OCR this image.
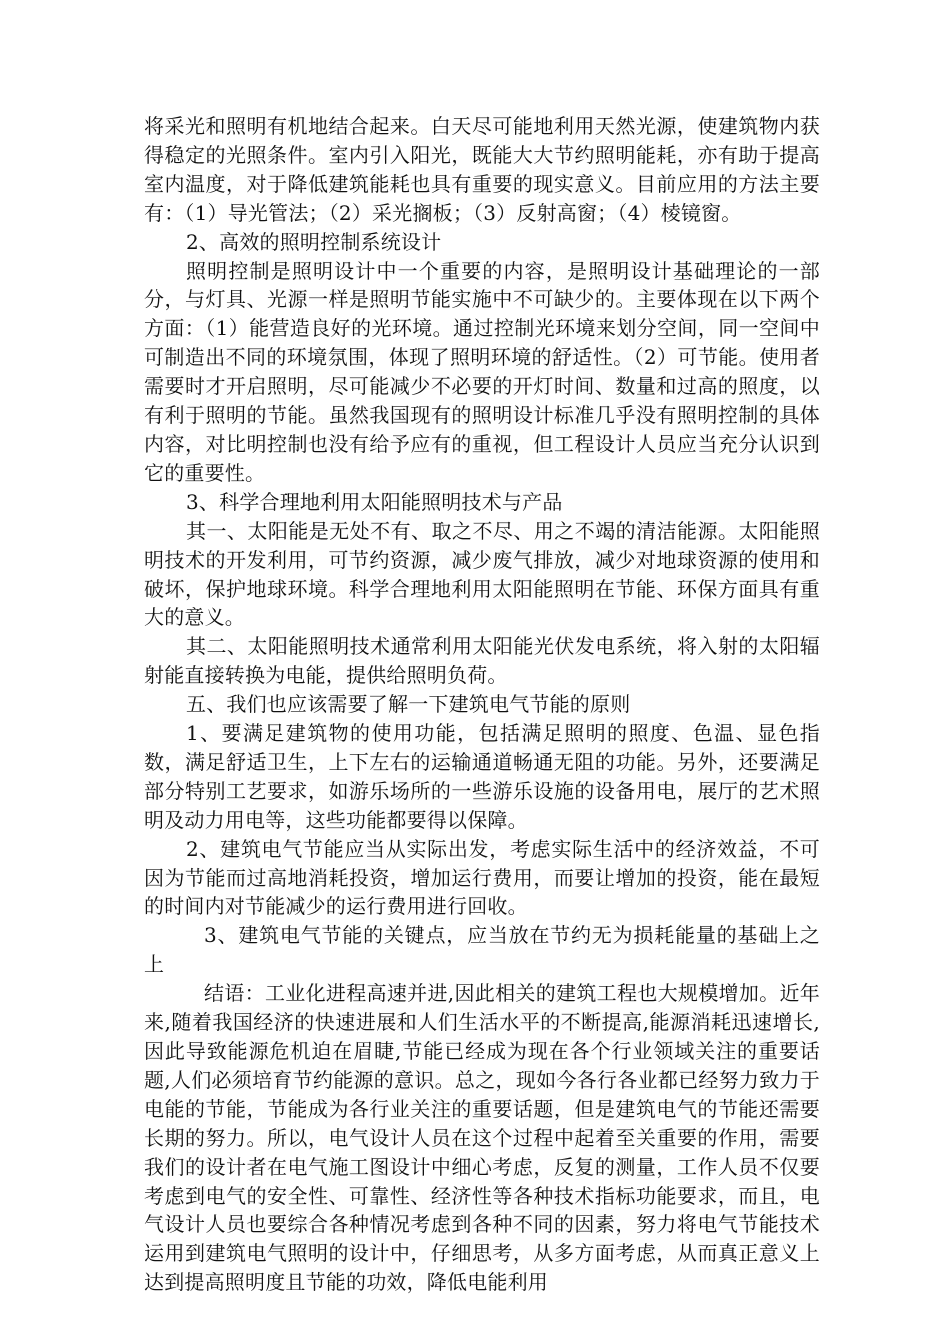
将采光和照明有机地结合起来。白天尽可能地利用天然光源，使建筑物内获得稳定的光照条件。室内引入阳光，既能大大节约照明能耗，亦有助于提高室内温度，对于降低建筑能耗也具有重要的现实意义。目前应用的方法主要有：（1）导光管法；（2）采光搁板；（3）反射高窗；（4）棱镜窗。

2、高效的照明控制系统设计

照明控制是照明设计中一个重要的内容，是照明设计基础理论的一部分，与灯具、光源一样是照明节能实施中不可缺少的。主要体现在以下两个方面：（1）能营造良好的光环境。通过控制光环境来划分空间，同一空间中可制造出不同的环境氛围，体现了照明环境的舒适性。（2）可节能。使用者需要时才开启照明，尽可能减少不必要的开灯时间、数量和过高的照度，以有利于照明的节能。虽然我国现有的照明设计标准几乎没有照明控制的具体内容，对比明控制也没有给予应有的重视，但工程设计人员应当充分认识到它的重要性。

3、科学合理地利用太阳能照明技术与产品

其一、太阳能是无处不有、取之不尽、用之不竭的清洁能源。太阳能照明技术的开发利用，可节约资源，减少废气排放，减少对地球资源的使用和破坏，保护地球环境。科学合理地利用太阳能照明在节能、环保方面具有重大的意义。

其二、太阳能照明技术通常利用太阳能光伏发电系统，将入射的太阳辐射能直接转换为电能，提供给照明负荷。

五、我们也应该需要了解一下建筑电气节能的原则

1、要满足建筑物的使用功能，包括满足照明的照度、色温、显色指数，满足舒适卫生，上下左右的运输通道畅通无阻的功能。另外，还要满足部分特别工艺要求，如游乐场所的一些游乐设施的设备用电，展厅的艺术照明及动力用电等，这些功能都要得以保障。

2、建筑电气节能应当从实际出发，考虑实际生活中的经济效益，不可因为节能而过高地消耗投资，增加运行费用，而要让增加的投资，能在最短的时间内对节能减少的运行费用进行回收。

3、建筑电气节能的关键点，应当放在节约无为损耗能量的基础上之上

结语：工业化进程高速并进,因此相关的建筑工程也大规模增加。近年来,随着我国经济的快速进展和人们生活水平的不断提高,能源消耗迅速增长,因此导致能源危机迫在眉睫,节能已经成为现在各个行业领域关注的重要话题,人们必须培育节约能源的意识。总之，现如今各行各业都已经努力致力于电能的节能，节能成为各行业关注的重要话题，但是建筑电气的节能还需要长期的努力。所以，电气设计人员在这个过程中起着至关重要的作用，需要我们的设计者在电气施工图设计中细心考虑，反复的测量，工作人员不仅要考虑到电气的安全性、可靠性、经济性等各种技术指标功能要求，而且，电气设计人员也要综合各种情况考虑到各种不同的因素，努力将电气节能技术运用到建筑电气照明的设计中，仔细思考，从多方面考虑，从而真正意义上达到提高照明度且节能的功效，降低电能利用
